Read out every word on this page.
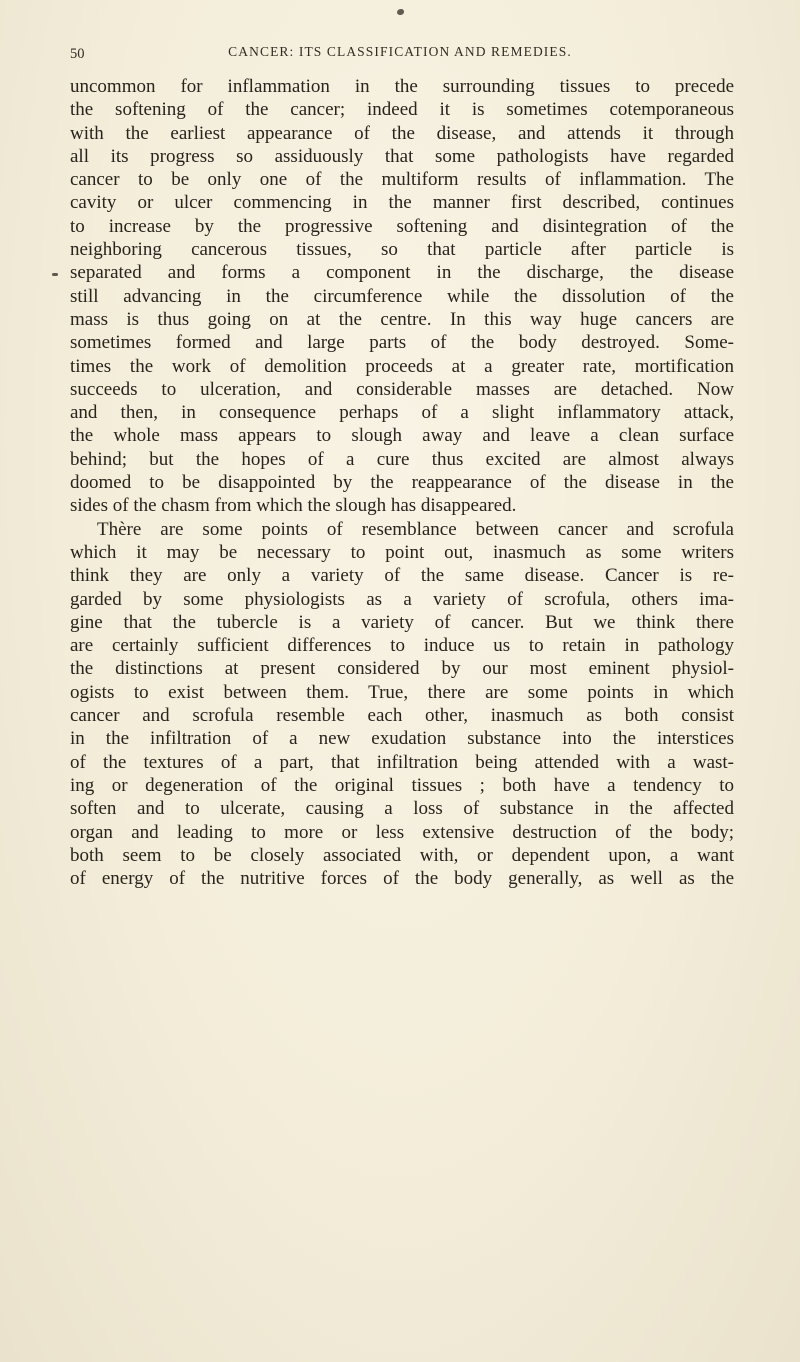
50	CANCER: ITS CLASSIFICATION AND REMEDIES.
uncommon for inflammation in the surrounding tissues to precede
the softening of the cancer; indeed it is sometimes cotemporaneous
with the earliest appearance of the disease, and attends it through
all its progress so assiduously that some pathologists have regarded
cancer to be only one of the multiform results of inflammation. The
cavity or ulcer commencing in the manner first described, continues
to increase by the progressive softening and disintegration of the
neighboring cancerous tissues, so that particle after particle is
separated and forms a component in the discharge, the disease
still advancing in the circumference while the dissolution of the
mass is thus going on at the centre. In this way huge cancers are
sometimes formed and large parts of the body destroyed. Some-
times the work of demolition proceeds at a greater rate, mortification
succeeds to ulceration, and considerable masses are detached. Now
and then, in consequence perhaps of a slight inflammatory attack,
the whole mass appears to slough away and leave a clean surface
behind; but the hopes of a cure thus excited are almost always
doomed to be disappointed by the reappearance of the disease in the
sides of the chasm from which the slough has disappeared.
Thère are some points of resemblance between cancer and scrofula
which it may be necessary to point out, inasmuch as some writers
think they are only a variety of the same disease. Cancer is re-
garded by some physiologists as a variety of scrofula, others ima-
gine that the tubercle is a variety of cancer. But we think there
are certainly sufficient differences to induce us to retain in pathology
the distinctions at present considered by our most eminent physiol-
ogists to exist between them. True, there are some points in which
cancer and scrofula resemble each other, inasmuch as both consist
in the infiltration of a new exudation substance into the interstices
of the textures of a part, that infiltration being attended with a wast-
ing or degeneration of the original tissues ; both have a tendency to
soften and to ulcerate, causing a loss of substance in the affected
organ and leading to more or less extensive destruction of the body;
both seem to be closely associated with, or dependent upon, a want
of energy of the nutritive forces of the body generally, as well as the
